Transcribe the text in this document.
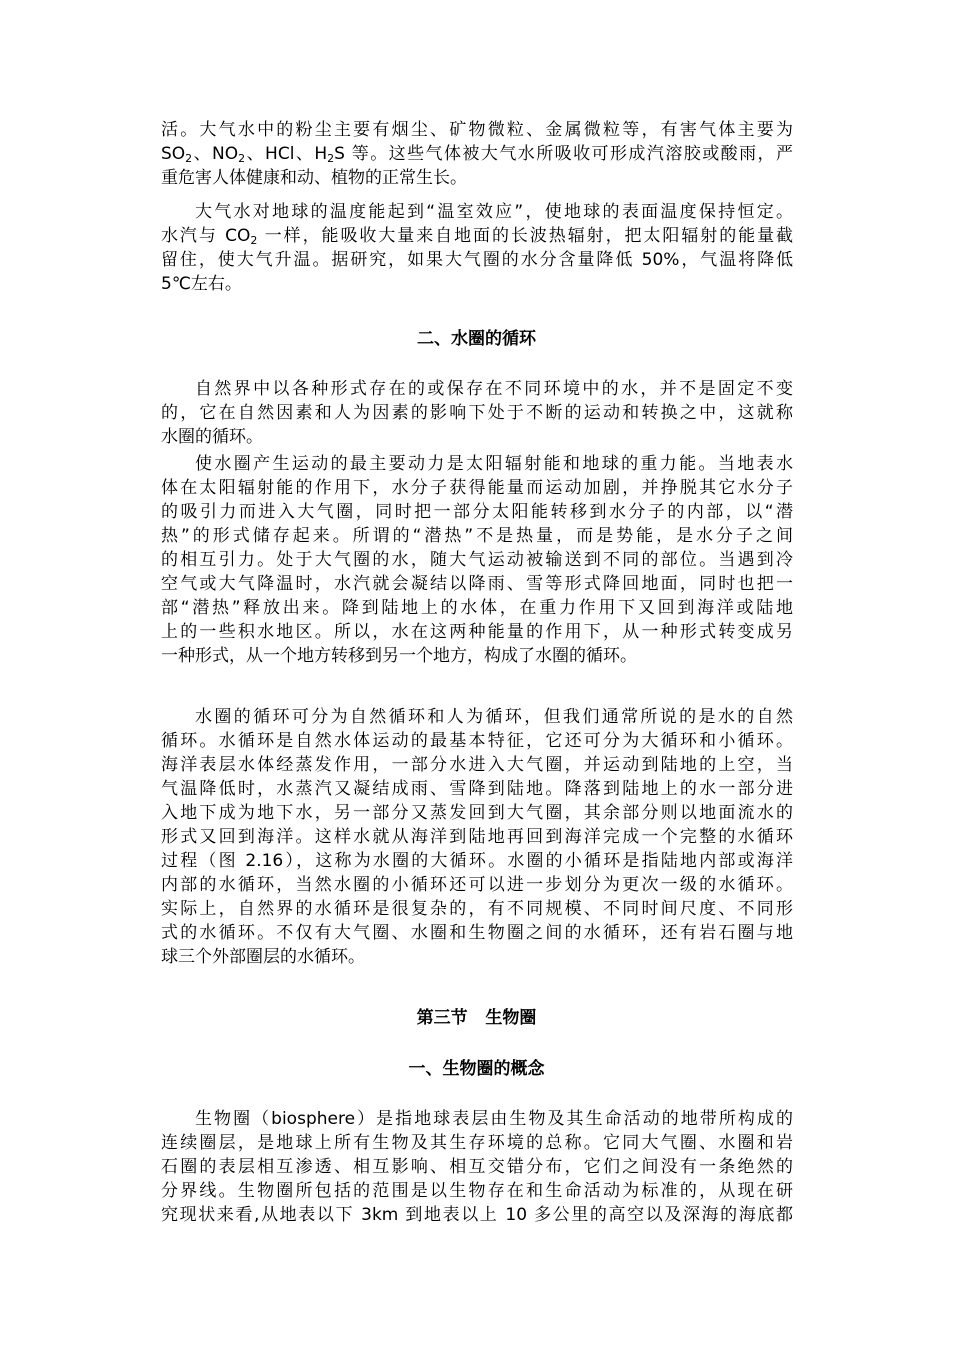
活。大气水中的粉尘主要有烟尘、矿物微粒、金属微粒等，有害气体主要为
$SO_2$、$NO_2$、HCl、$H_2S$ 等。这些气体被大气水所吸收可形成汽溶胶或酸雨，严
重危害人体健康和动、植物的正常生长。
大气水对地球的温度能起到“温室效应”，使地球的表面温度保持恒定。
水汽与 $CO_2$ 一样，能吸收大量来自地面的长波热辐射，把太阳辐射的能量截
留住，使大气升温。据研究，如果大气圈的水分含量降低 50%，气温将降低
5℃左右。
二、水圈的循环
自然界中以各种形式存在的或保存在不同环境中的水，并不是固定不变
的，它在自然因素和人为因素的影响下处于不断的运动和转换之中，这就称
水圈的循环。
使水圈产生运动的最主要动力是太阳辐射能和地球的重力能。当地表水
体在太阳辐射能的作用下，水分子获得能量而运动加剧，并挣脱其它水分子
的吸引力而进入大气圈，同时把一部分太阳能转移到水分子的内部，以“潜
热”的形式储存起来。所谓的“潜热”不是热量，而是势能，是水分子之间
的相互引力。处于大气圈的水，随大气运动被输送到不同的部位。当遇到冷
空气或大气降温时，水汽就会凝结以降雨、雪等形式降回地面，同时也把一
部“潜热”释放出来。降到陆地上的水体，在重力作用下又回到海洋或陆地
上的一些积水地区。所以，水在这两种能量的作用下，从一种形式转变成另
一种形式，从一个地方转移到另一个地方，构成了水圈的循环。
水圈的循环可分为自然循环和人为循环，但我们通常所说的是水的自然
循环。水循环是自然水体运动的最基本特征，它还可分为大循环和小循环。
海洋表层水体经蒸发作用，一部分水进入大气圈，并运动到陆地的上空，当
气温降低时，水蒸汽又凝结成雨、雪降到陆地。降落到陆地上的水一部分进
入地下成为地下水，另一部分又蒸发回到大气圈，其余部分则以地面流水的
形式又回到海洋。这样水就从海洋到陆地再回到海洋完成一个完整的水循环
过程（图 2.16），这称为水圈的大循环。水圈的小循环是指陆地内部或海洋
内部的水循环，当然水圈的小循环还可以进一步划分为更次一级的水循环。
实际上，自然界的水循环是很复杂的，有不同规模、不同时间尺度、不同形
式的水循环。不仅有大气圈、水圈和生物圈之间的水循环，还有岩石圈与地
球三个外部圈层的水循环。
第三节   生物圈
一、生物圈的概念
生物圈（biosphere）是指地球表层由生物及其生命活动的地带所构成的
连续圈层，是地球上所有生物及其生存环境的总称。它同大气圈、水圈和岩
石圈的表层相互渗透、相互影响、相互交错分布，它们之间没有一条绝然的
分界线。生物圈所包括的范围是以生物存在和生命活动为标准的，从现在研
究现状来看,从地表以下 3km 到地表以上 10 多公里的高空以及深海的海底都
